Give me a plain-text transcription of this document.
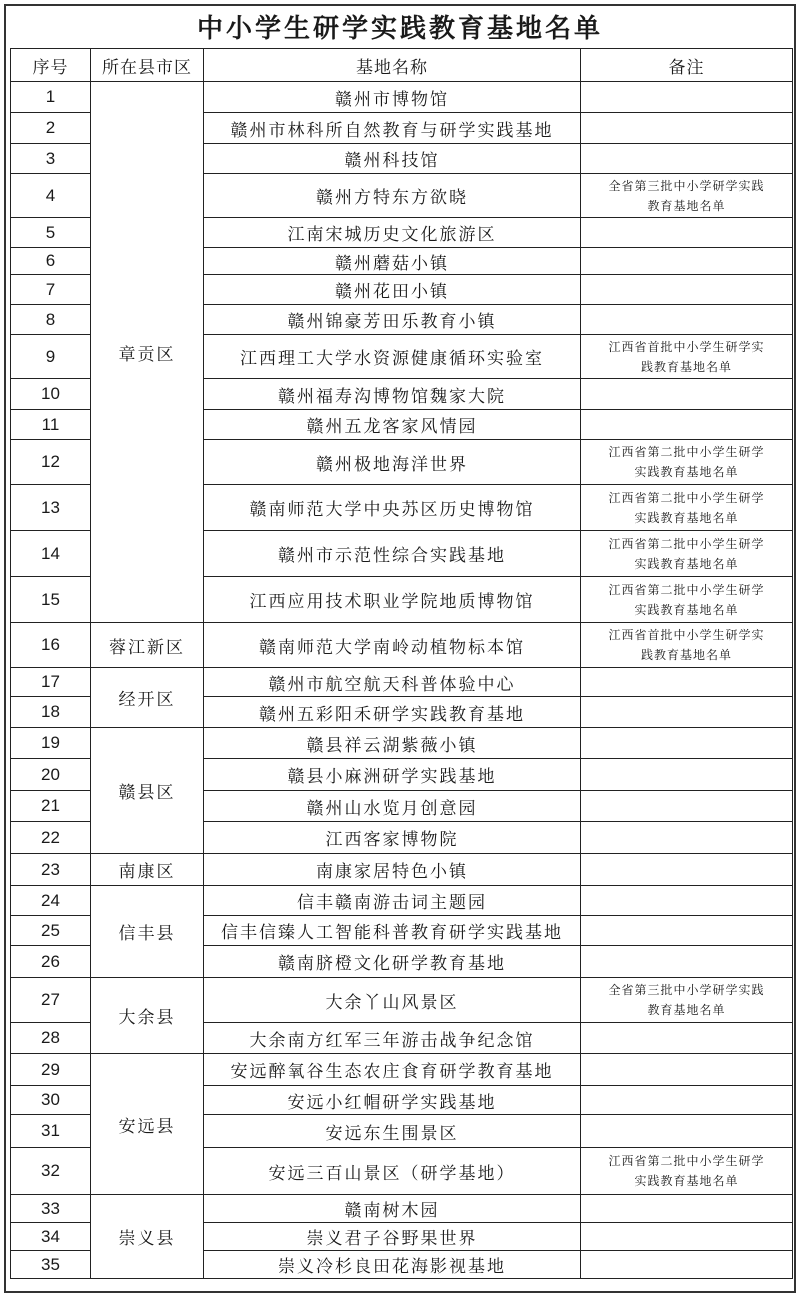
中小学生研学实践教育基地名单
序号	所在县市区	基地名称	备注
1	章贡区	赣州市博物馆	
2		赣州市林科所自然教育与研学实践基地	
3		赣州科技馆	
4		赣州方特东方欲晓	全省第三批中小学研学实践
教育基地名单

5		江南宋城历史文化旅游区	
6		赣州蘑菇小镇	
7		赣州花田小镇	
8		赣州锦豪芳田乐教育小镇	
9		江西理工大学水资源健康循环实验室	江西省首批中小学生研学实
践教育基地名单

10		赣州福寿沟博物馆魏家大院	
11		赣州五龙客家风情园	
12		赣州极地海洋世界	江西省第二批中小学生研学
实践教育基地名单

13		赣南师范大学中央苏区历史博物馆	江西省第二批中小学生研学
实践教育基地名单

14		赣州市示范性综合实践基地	江西省第二批中小学生研学
实践教育基地名单

15		江西应用技术职业学院地质博物馆	江西省第二批中小学生研学
实践教育基地名单

16	蓉江新区	赣南师范大学南岭动植物标本馆	江西省首批中小学生研学实
践教育基地名单

17	经开区	赣州市航空航天科普体验中心	
18		赣州五彩阳禾研学实践教育基地	
19	赣县区	赣县祥云湖紫薇小镇	
20		赣县小麻洲研学实践基地	
21		赣州山水览月创意园	
22		江西客家博物院	
23	南康区	南康家居特色小镇	
24	信丰县	信丰赣南游击词主题园	
25		信丰信臻人工智能科普教育研学实践基地	
26		赣南脐橙文化研学教育基地	
27	大余县	大余丫山风景区	全省第三批中小学研学实践
教育基地名单

28		大余南方红军三年游击战争纪念馆	
29	安远县	安远醉氧谷生态农庄食育研学教育基地	
30		安远小红帽研学实践基地	
31		安远东生围景区	
32		安远三百山景区（研学基地）	江西省第二批中小学生研学
实践教育基地名单

33	崇义县	赣南树木园	
34		崇义君子谷野果世界	
35		崇义冷杉良田花海影视基地	
